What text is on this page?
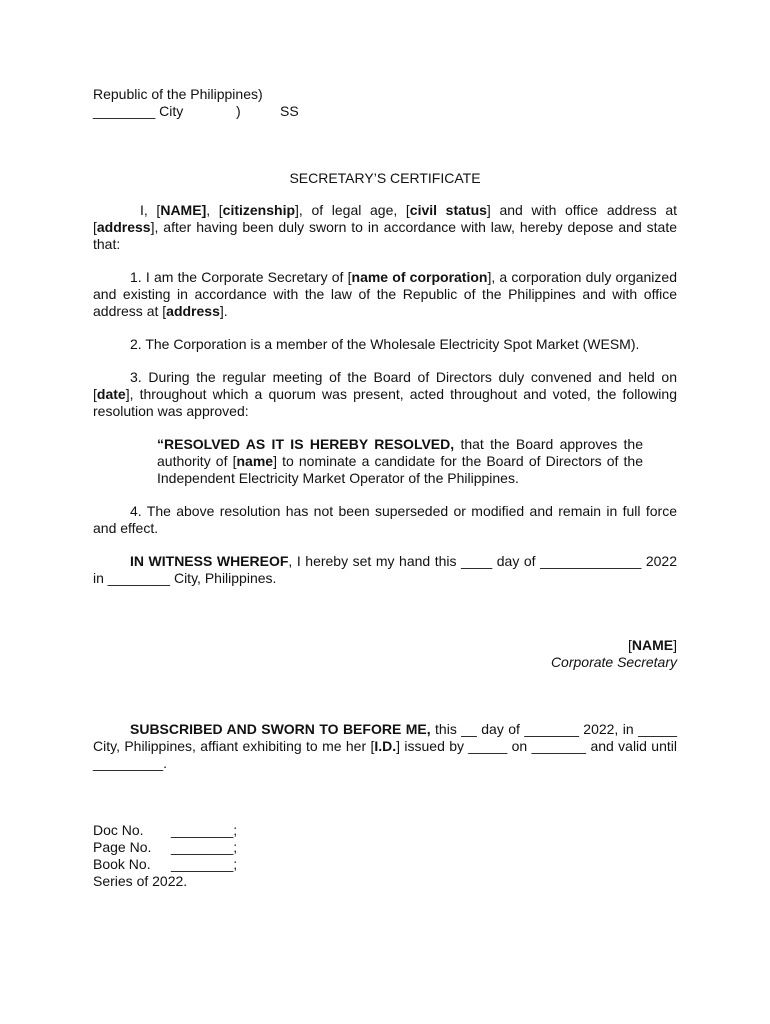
Republic of the Philippines)
________ City	)	SS
SECRETARY’S CERTIFICATE

I, [NAME], [citizenship], of legal age, [civil status] and with office address at [address], after having been duly sworn to in accordance with law, hereby depose and state that:

1. I am the Corporate Secretary of [name of corporation], a corporation duly organized and existing in accordance with the law of the Republic of the Philippines and with office address at [address].

2. The Corporation is a member of the Wholesale Electricity Spot Market (WESM).

3. During the regular meeting of the Board of Directors duly convened and held on [date], throughout which a quorum was present, acted throughout and voted, the following resolution was approved:

“RESOLVED AS IT IS HEREBY RESOLVED, that the Board approves the authority of [name] to nominate a candidate for the Board of Directors of the Independent Electricity Market Operator of the Philippines.

4. The above resolution has not been superseded or modified and remain in full force and effect.

IN WITNESS WHEREOF, I hereby set my hand this ____ day of _____________ 2022 in ________ City, Philippines.

[NAME]
Corporate Secretary

SUBSCRIBED AND SWORN TO BEFORE ME, this __ day of _______ 2022, in _____ City, Philippines, affiant exhibiting to me her [I.D.] issued by _____ on _______ and valid until _________.

Doc No.	________;
Page No.	________;
Book No.	________;
Series of 2022.
